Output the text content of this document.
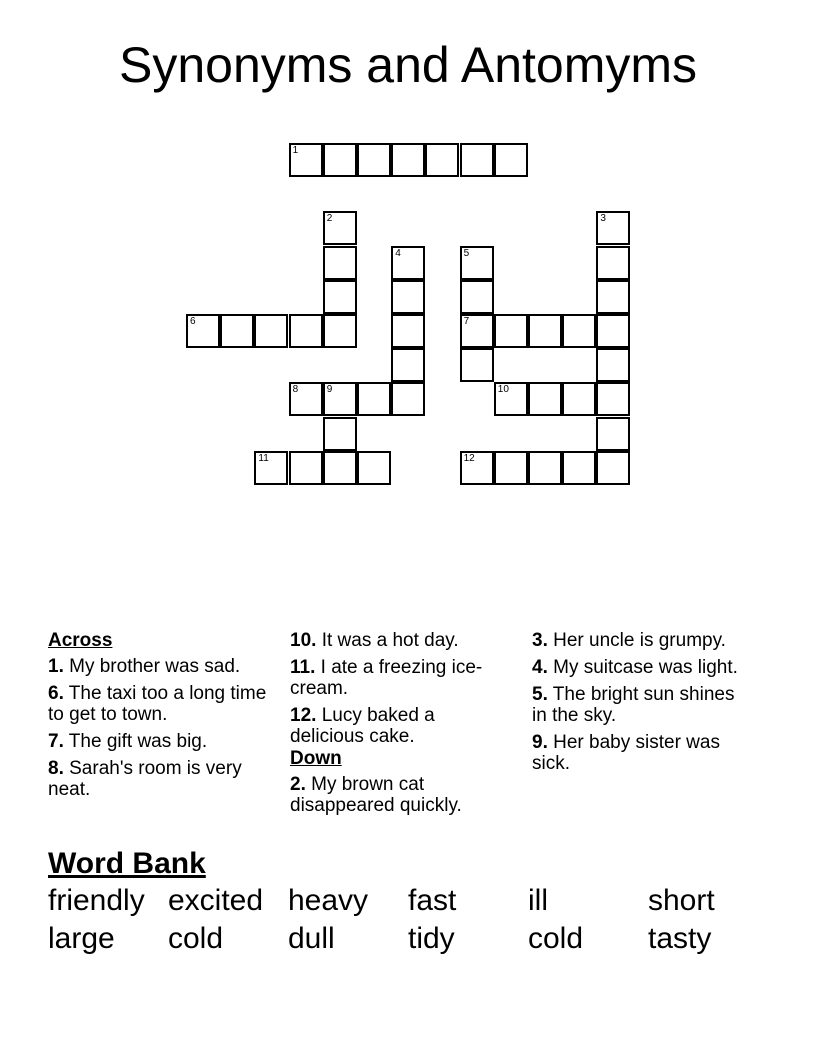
Synonyms and Antomyms
1
2	3
4	5
7
6
8	9	10
11	12
Across
1. My brother was sad.
6. The taxi too a long time to get to town.
7. The gift was big.
8. Sarah's room is very neat.
10. It was a hot day.
11. I ate a freezing ice-cream.
12. Lucy baked a delicious cake.
Down
2. My brown cat disappeared quickly.
3. Her uncle is grumpy.
4. My suitcase was light.
5. The bright sun shines in the sky.
9. Her baby sister was sick.
Word Bank
friendly excited heavy fast ill	short
large cold dull tidy cold tasty
